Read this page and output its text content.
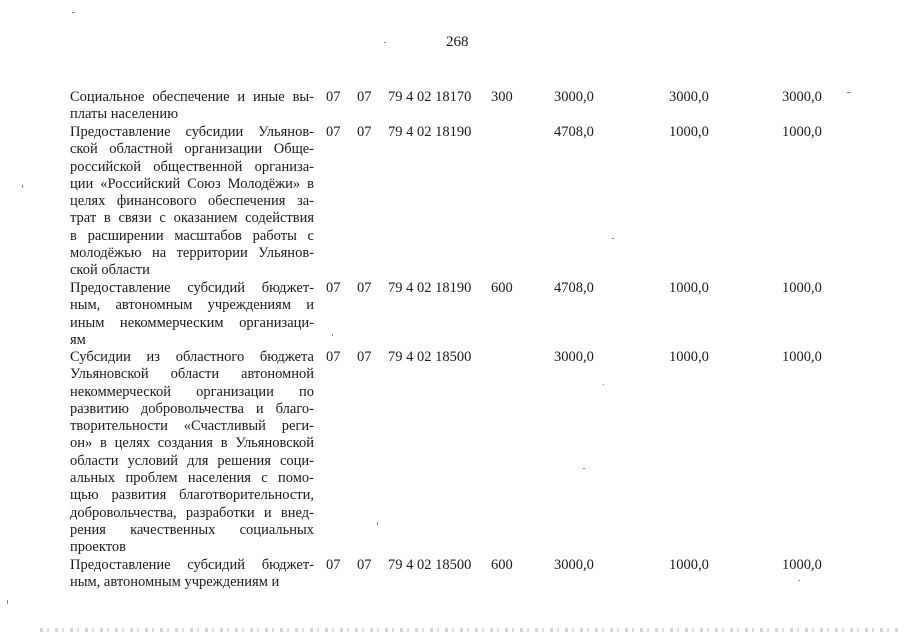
268
Социальное обеспечение и иные вы-
платы населению
07 07 79 4 02 18170 300	3000,0	3000,0	3000,0
Предоставление субсидии Ульянов-
ской областной организации Обще-
российской общественной организа-
ции «Российский Союз Молодёжи» в
целях финансового обеспечения за-
трат в связи с оказанием содействия
в расширении масштабов работы с
молодёжью на территории Ульянов-
ской области
07 07 79 4 02 18190	4708,0	1000,0	1000,0
Предоставление субсидий бюджет-
ным, автономным учреждениям и
иным некоммерческим организаци-
ям
07 07 79 4 02 18190 600	4708,0	1000,0	1000,0
Субсидии из областного бюджета
Ульяновской области автономной
некоммерческой организации по
развитию добровольчества и благо-
творительности «Счастливый реги-
он» в целях создания в Ульяновской
области условий для решения соци-
альных проблем населения с помо-
щью развития благотворительности,
добровольчества, разработки и внед-
рения качественных социальных
проектов
07 07 79 4 02 18500	3000,0	1000,0	1000,0
Предоставление субсидий бюджет-
ным, автономным учреждениям и
07 07 79 4 02 18500 600	3000,0	1000,0	1000,0
